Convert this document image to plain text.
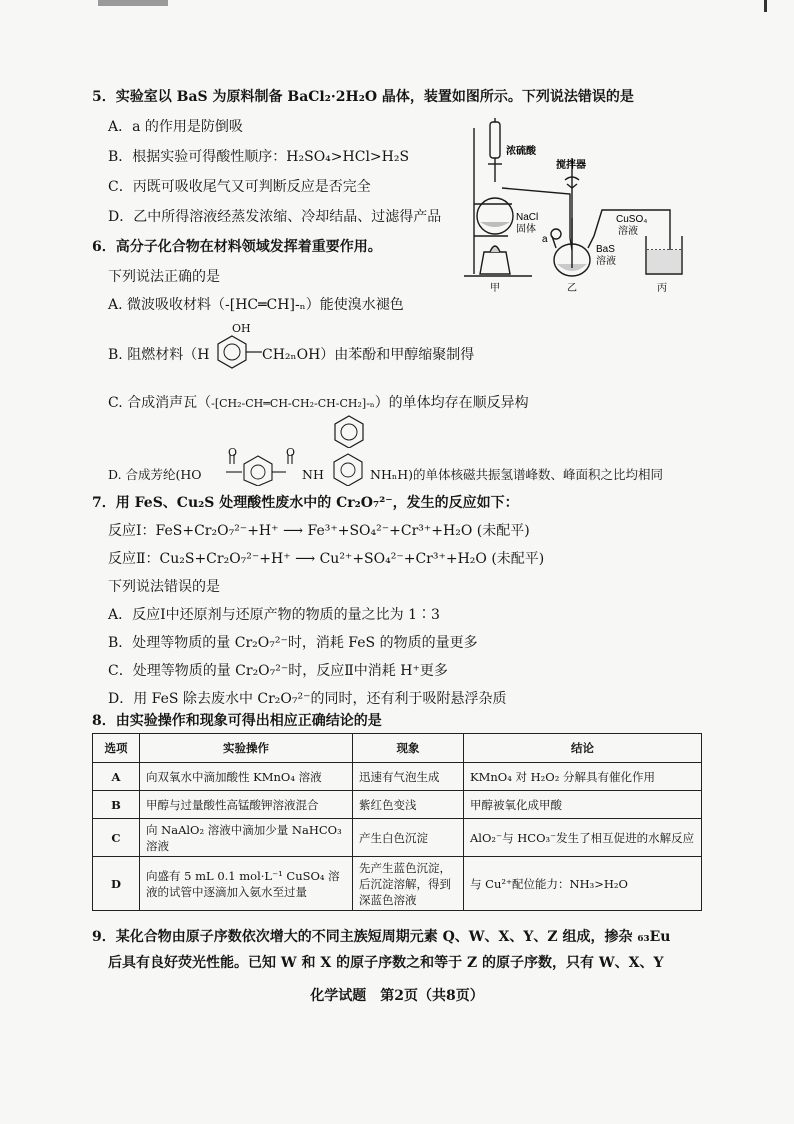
5．实验室以 BaS 为原料制备 BaCl₂·2H₂O 晶体，装置如图所示。下列说法错误的是
A．a 的作用是防倒吸
B．根据实验可得酸性顺序：H₂SO₄>HCl>H₂S
C．丙既可吸收尾气又可判断反应是否完全
D．乙中所得溶液经蒸发浓缩、冷却结晶、过滤得产品
浓硫酸
搅拌器
NaCl
固体
a
CuSO₄
溶液
BaS
溶液
甲	乙	丙
6．高分子化合物在材料领域发挥着重要作用。
下列说法正确的是
A. 微波吸收材料（-[HC═CH]-ₙ）能使溴水褪色
OH
B. 阻燃材料（H	CH₂ₙOH）由苯酚和甲醇缩聚制得
C. 合成消声瓦（-[CH₂-CH═CH-CH₂-CH-CH₂]-ₙ）的单体均存在顺反异构
O	O
D. 合成芳纶(HO	NH	NHₙH)的单体核磁共振氢谱峰数、峰面积之比均相同
7．用 FeS、Cu₂S 处理酸性废水中的 Cr₂O₇²⁻，发生的反应如下：
反应Ⅰ：FeS+Cr₂O₇²⁻+H⁺ ⟶ Fe³⁺+SO₄²⁻+Cr³⁺+H₂O (未配平)
反应Ⅱ：Cu₂S+Cr₂O₇²⁻+H⁺ ⟶ Cu²⁺+SO₄²⁻+Cr³⁺+H₂O (未配平)
下列说法错误的是
A．反应Ⅰ中还原剂与还原产物的物质的量之比为 1∶3
B．处理等物质的量 Cr₂O₇²⁻时，消耗 FeS 的物质的量更多
C．处理等物质的量 Cr₂O₇²⁻时，反应Ⅱ中消耗 H⁺更多
D．用 FeS 除去废水中 Cr₂O₇²⁻的同时，还有利于吸附悬浮杂质
8．由实验操作和现象可得出相应正确结论的是
选项	实验操作	现象	结论
A	向双氧水中滴加酸性 KMnO₄ 溶液	迅速有气泡生成	KMnO₄ 对 H₂O₂ 分解具有催化作用
B	甲醇与过量酸性高锰酸钾溶液混合	紫红色变浅	甲醇被氧化成甲酸
C	向 NaAlO₂ 溶液中滴加少量 NaHCO₃ 溶液	产生白色沉淀	AlO₂⁻与 HCO₃⁻发生了相互促进的水解反应
D	向盛有 5 mL 0.1 mol·L⁻¹ CuSO₄ 溶液的试管中逐滴加入氨水至过量	先产生蓝色沉淀，后沉淀溶解，得到深蓝色溶液	与 Cu²⁺配位能力：NH₃>H₂O
9．某化合物由原子序数依次增大的不同主族短周期元素 Q、W、X、Y、Z 组成，掺杂 ₆₃Eu
后具有良好荧光性能。已知 W 和 X 的原子序数之和等于 Z 的原子序数，只有 W、X、Y
化学试题　第2页（共8页）
